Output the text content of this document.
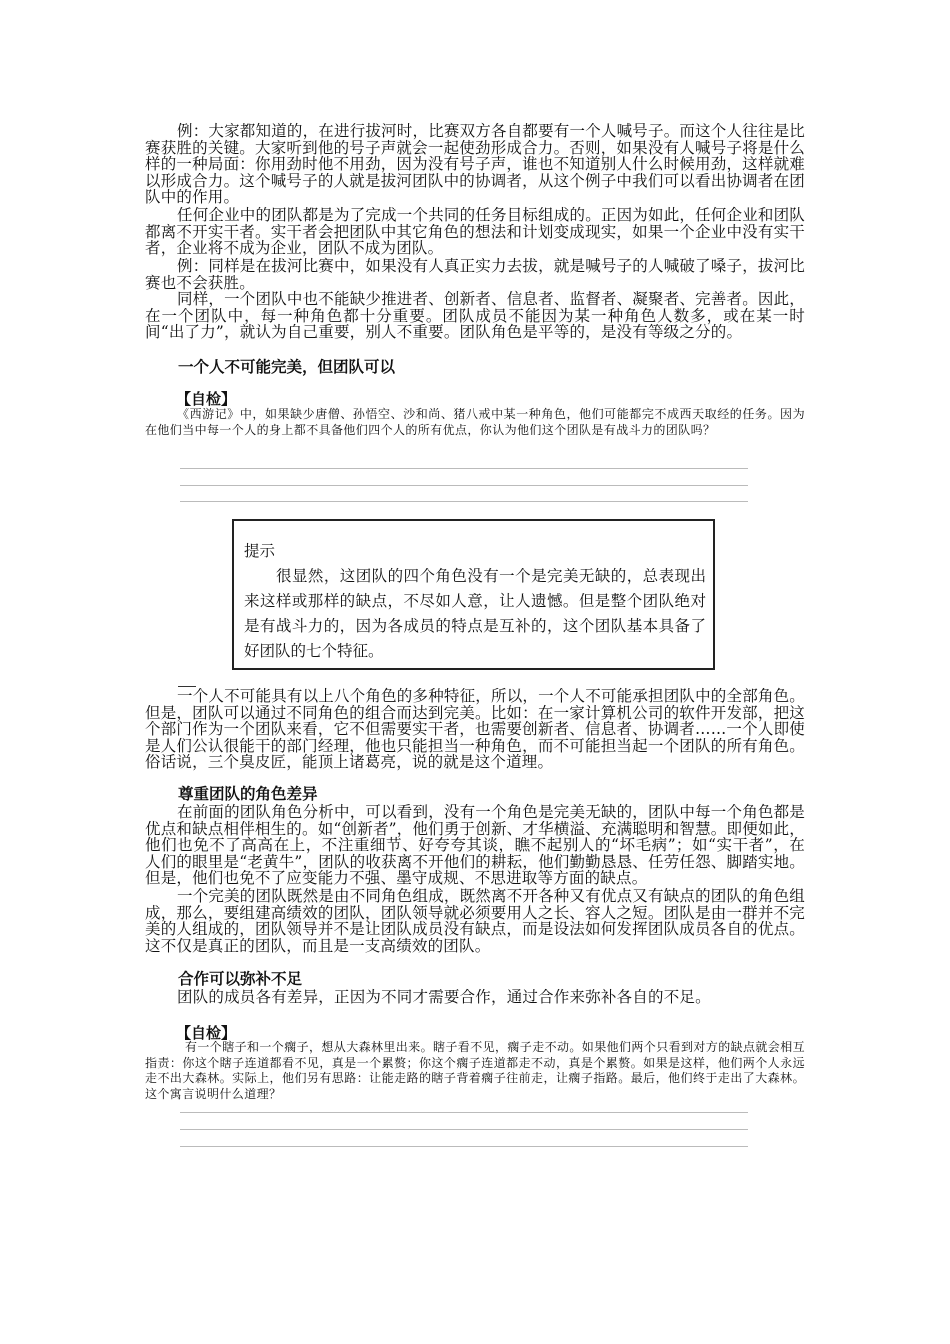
例：大家都知道的，在进行拔河时，比赛双方各自都要有一个人喊号子。而这个人往往是比赛获胜的关键。大家听到他的号子声就会一起使劲形成合力。否则，如果没有人喊号子将是什么样的一种局面：你用劲时他不用劲，因为没有号子声，谁也不知道别人什么时候用劲，这样就难以形成合力。这个喊号子的人就是拔河团队中的协调者，从这个例子中我们可以看出协调者在团队中的作用。
任何企业中的团队都是为了完成一个共同的任务目标组成的。正因为如此，任何企业和团队都离不开实干者。实干者会把团队中其它角色的想法和计划变成现实，如果一个企业中没有实干者，企业将不成为企业，团队不成为团队。
例：同样是在拔河比赛中，如果没有人真正实力去拔，就是喊号子的人喊破了嗓子，拔河比赛也不会获胜。
同样，一个团队中也不能缺少推进者、创新者、信息者、监督者、凝聚者、完善者。因此，在一个团队中，每一种角色都十分重要。团队成员不能因为某一种角色人数多，或在某一时间“出了力”，就认为自己重要，别人不重要。团队角色是平等的，是没有等级之分的。
一个人不可能完美，但团队可以
【自检】
《西游记》中，如果缺少唐僧、孙悟空、沙和尚、猪八戒中某一种角色，他们可能都完不成西天取经的任务。因为在他们当中每一个人的身上都不具备他们四个人的所有优点，你认为他们这个团队是有战斗力的团队吗？
提示
很显然，这团队的四个角色没有一个是完美无缺的，总表现出来这样或那样的缺点，不尽如人意，让人遗憾。但是整个团队绝对是有战斗力的，因为各成员的特点是互补的，这个团队基本具备了好团队的七个特征。
一个人不可能具有以上八个角色的多种特征，所以，一个人不可能承担团队中的全部角色。但是，团队可以通过不同角色的组合而达到完美。比如：在一家计算机公司的软件开发部，把这个部门作为一个团队来看，它不但需要实干者，也需要创新者、信息者、协调者……一个人即使是人们公认很能干的部门经理，他也只能担当一种角色，而不可能担当起一个团队的所有角色。俗话说，三个臭皮匠，能顶上诸葛亮，说的就是这个道理。
尊重团队的角色差异
在前面的团队角色分析中，可以看到，没有一个角色是完美无缺的，团队中每一个角色都是优点和缺点相伴相生的。如“创新者”，他们勇于创新、才华横溢、充满聪明和智慧。即便如此，他们也免不了高高在上，不注重细节、好夸夸其谈，瞧不起别人的“坏毛病”；如“实干者”，在人们的眼里是“老黄牛”，团队的收获离不开他们的耕耘，他们勤勤恳恳、任劳任怨、脚踏实地。但是，他们也免不了应变能力不强、墨守成规、不思进取等方面的缺点。
一个完美的团队既然是由不同角色组成，既然离不开各种又有优点又有缺点的团队的角色组成，那么，要组建高绩效的团队，团队领导就必须要用人之长、容人之短。团队是由一群并不完美的人组成的，团队领导并不是让团队成员没有缺点，而是设法如何发挥团队成员各自的优点。这不仅是真正的团队，而且是一支高绩效的团队。
合作可以弥补不足
团队的成员各有差异，正因为不同才需要合作，通过合作来弥补各自的不足。
【自检】
有一个瞎子和一个瘸子，想从大森林里出来。瞎子看不见，瘸子走不动。如果他们两个只看到对方的缺点就会相互指责：你这个瞎子连道都看不见，真是一个累赘；你这个瘸子连道都走不动，真是个累赘。如果是这样，他们两个人永远走不出大森林。实际上，他们另有思路：让能走路的瞎子背着瘸子往前走，让瘸子指路。最后，他们终于走出了大森林。这个寓言说明什么道理？
